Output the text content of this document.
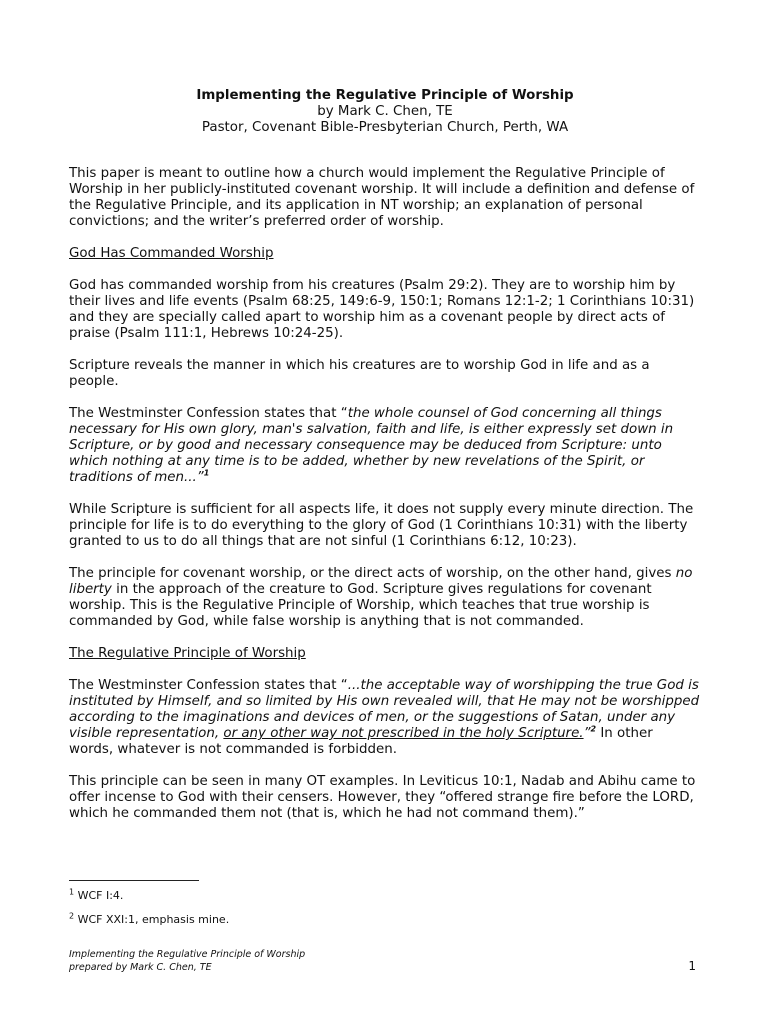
Implementing the Regulative Principle of Worship
by Mark C. Chen, TE
Pastor, Covenant Bible-Presbyterian Church, Perth, WA

This paper is meant to outline how a church would implement the Regulative Principle of Worship in her publicly-instituted covenant worship. It will include a definition and defense of the Regulative Principle, and its application in NT worship; an explanation of personal convictions; and the writer’s preferred order of worship.

God Has Commanded Worship

God has commanded worship from his creatures (Psalm 29:2). They are to worship him by their lives and life events (Psalm 68:25, 149:6-9, 150:1; Romans 12:1-2; 1 Corinthians 10:31) and they are specially called apart to worship him as a covenant people by direct acts of praise (Psalm 111:1, Hebrews 10:24-25).

Scripture reveals the manner in which his creatures are to worship God in life and as a people.

The Westminster Confession states that “the whole counsel of God concerning all things necessary for His own glory, man's salvation, faith and life, is either expressly set down in Scripture, or by good and necessary consequence may be deduced from Scripture: unto which nothing at any time is to be added, whether by new revelations of the Spirit, or traditions of men...”$^1$

While Scripture is sufficient for all aspects life, it does not supply every minute direction. The principle for life is to do everything to the glory of God (1 Corinthians 10:31) with the liberty granted to us to do all things that are not sinful (1 Corinthians 6:12, 10:23).

The principle for covenant worship, or the direct acts of worship, on the other hand, gives no liberty in the approach of the creature to God. Scripture gives regulations for covenant worship. This is the Regulative Principle of Worship, which teaches that true worship is commanded by God, while false worship is anything that is not commanded.

The Regulative Principle of Worship

The Westminster Confession states that “...the acceptable way of worshipping the true God is instituted by Himself, and so limited by His own revealed will, that He may not be worshipped according to the imaginations and devices of men, or the suggestions of Satan, under any visible representation, or any other way not prescribed in the holy Scripture.”$^2$ In other words, whatever is not commanded is forbidden.

This principle can be seen in many OT examples. In Leviticus 10:1, Nadab and Abihu came to offer incense to God with their censers. However, they “offered strange fire before the LORD, which he commanded them not (that is, which he had not command them).”

$^1$ WCF I:4.
$^2$ WCF XXI:1, emphasis mine.
Implementing the Regulative Principle of Worship
prepared by Mark C. Chen, TE	1
